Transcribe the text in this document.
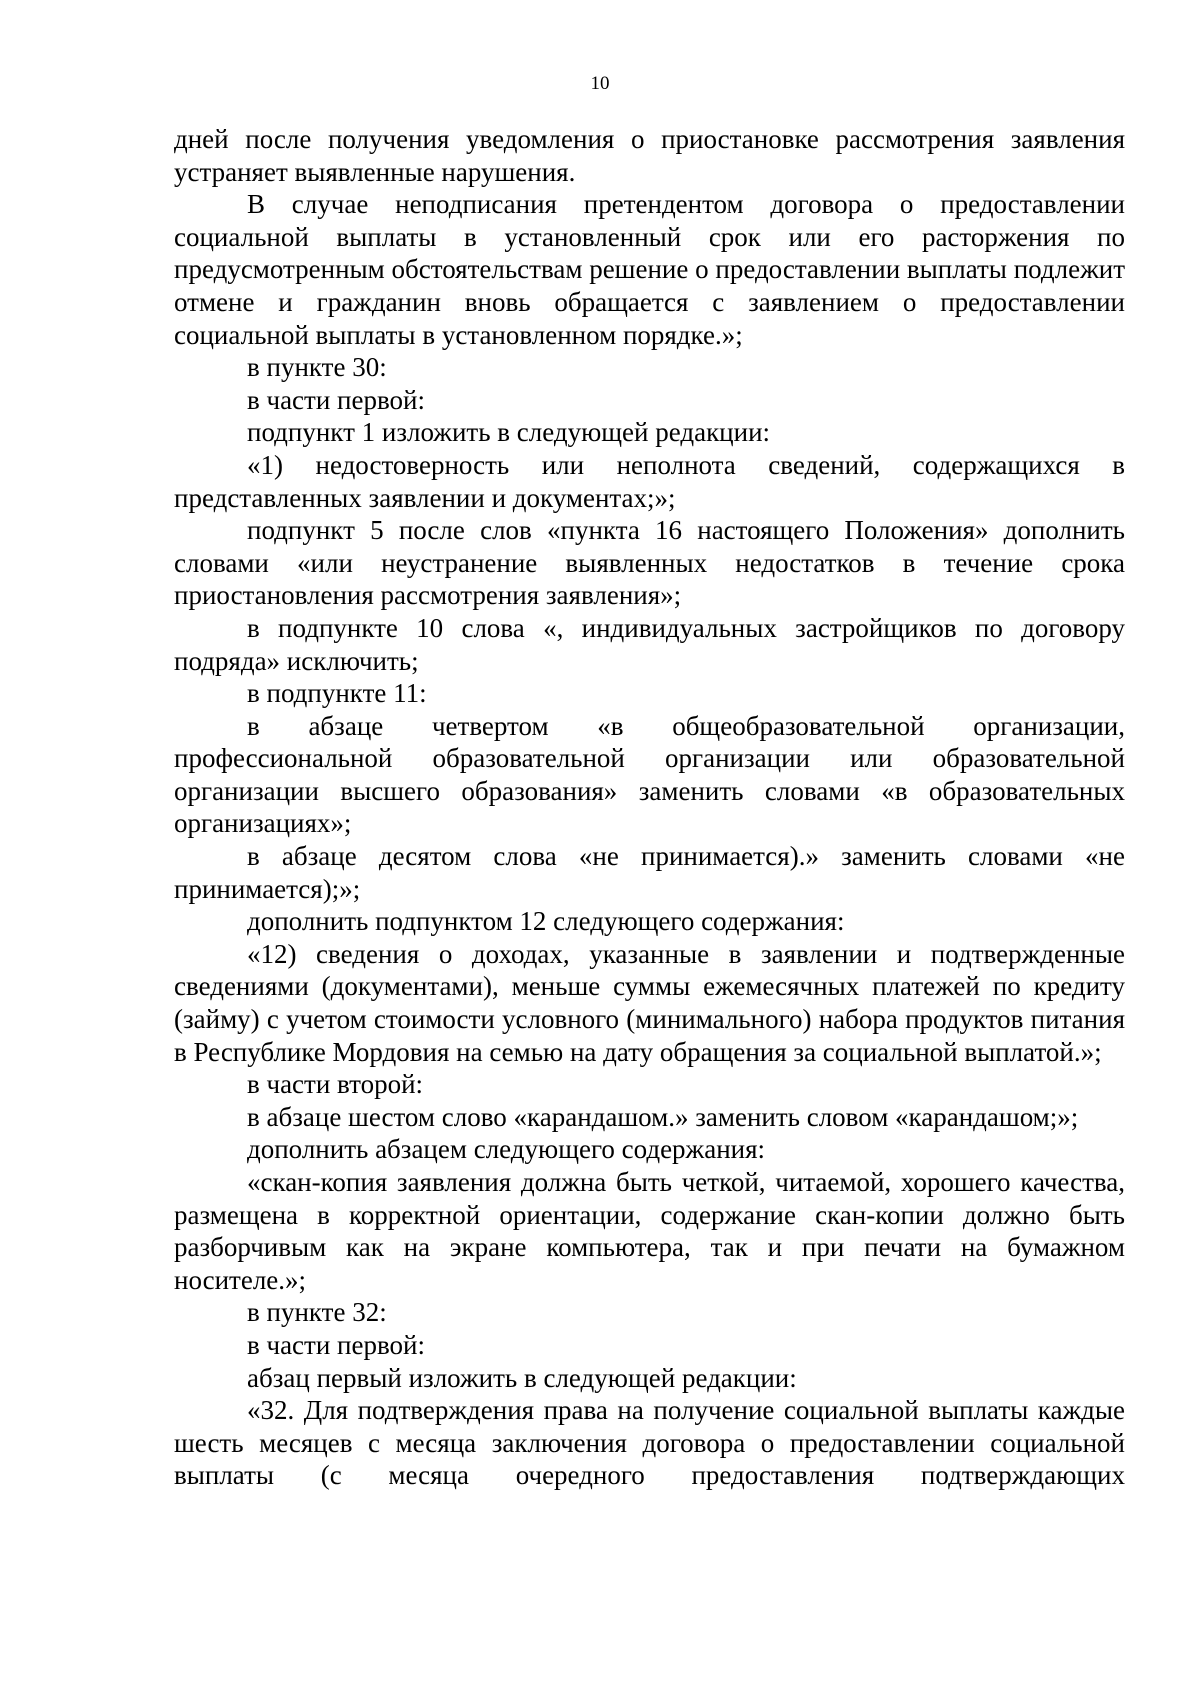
10

дней после получения уведомления о приостановке рассмотрения заявления устраняет выявленные нарушения.

В случае неподписания претендентом договора о предоставлении социальной выплаты в установленный срок или его расторжения по предусмотренным обстоятельствам решение о предоставлении выплаты подлежит отмене и гражданин вновь обращается с заявлением о предоставлении социальной выплаты в установленном порядке.»;

в пункте 30:

в части первой:

подпункт 1 изложить в следующей редакции:

«1) недостоверность или неполнота сведений, содержащихся в представленных заявлении и документах;»;

подпункт 5 после слов «пункта 16 настоящего Положения» дополнить словами «или неустранение выявленных недостатков в течение срока приостановления рассмотрения заявления»;

в подпункте 10 слова «, индивидуальных застройщиков по договору подряда» исключить;

в подпункте 11:

в абзаце четвертом «в общеобразовательной организации, профессиональной образовательной организации или образовательной организации высшего образования» заменить словами «в образовательных организациях»;

в абзаце десятом слова «не принимается).» заменить словами «не принимается);»;

дополнить подпунктом 12 следующего содержания:

«12) сведения о доходах, указанные в заявлении и подтвержденные сведениями (документами), меньше суммы ежемесячных платежей по кредиту (займу) с учетом стоимости условного (минимального) набора продуктов питания в Республике Мордовия на семью на дату обращения за социальной выплатой.»;

в части второй:

в абзаце шестом слово «карандашом.» заменить словом «карандашом;»;

дополнить абзацем следующего содержания:

«скан-копия заявления должна быть четкой, читаемой, хорошего качества, размещена в корректной ориентации, содержание скан-копии должно быть разборчивым как на экране компьютера, так и при печати на бумажном носителе.»;

в пункте 32:

в части первой:

абзац первый изложить в следующей редакции:

«32. Для подтверждения права на получение социальной выплаты каждые шесть месяцев с месяца заключения договора о предоставлении социальной выплаты (с месяца очередного предоставления подтверждающих
